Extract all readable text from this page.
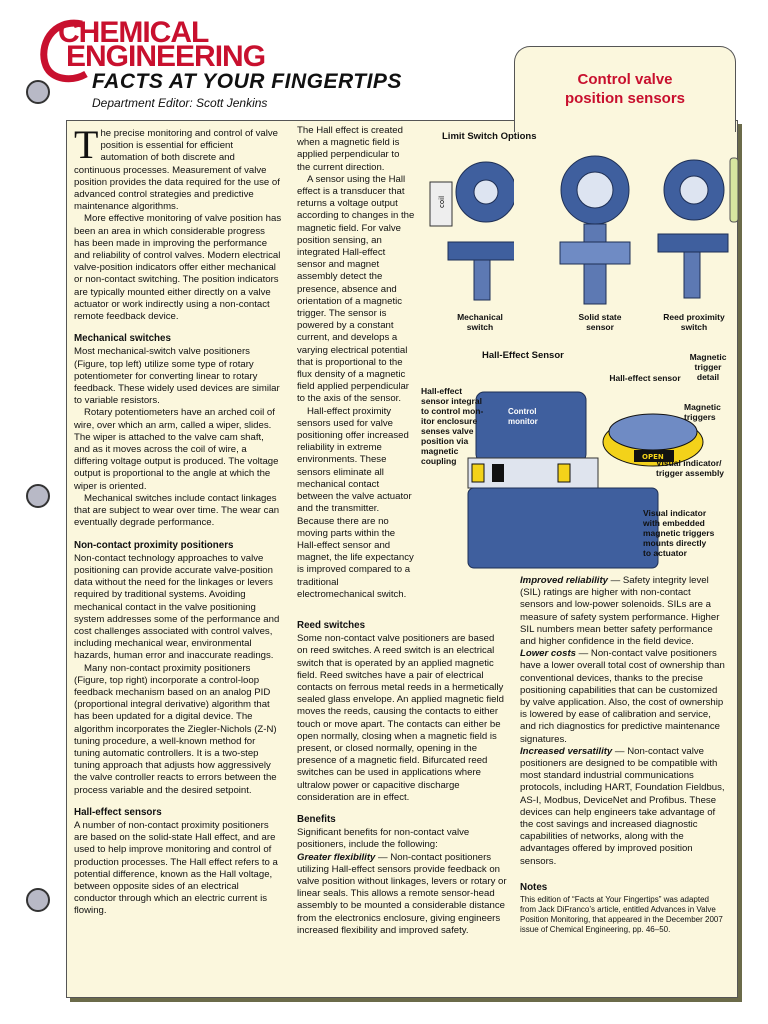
CHEMICAL
ENGINEERING
FACTS AT YOUR FINGERTIPS
Department Editor: Scott Jenkins
Control valve
position sensors

The precise monitoring and control of valve position is essential for efficient automation of both discrete and continuous processes. Measurement of valve position provides the data required for the use of advanced control strategies and predictive maintenance algorithms.

More effective monitoring of valve position has been an area in which considerable progress has been made in improving the performance and reliability of control valves. Modern electrical valve-position indicators offer either mechanical or non-contact switching. The position indicators are typically mounted either directly on a valve actuator or work indirectly using a non-contact remote feedback device.

Mechanical switches

Most mechanical-switch valve positioners (Figure, top left) utilize some type of rotary potentiometer for converting linear to rotary feedback. These widely used devices are similar to variable resistors.

Rotary potentiometers have an arched coil of wire, over which an arm, called a wiper, slides. The wiper is attached to the valve cam shaft, and as it moves across the coil of wire, a differing voltage output is produced. The voltage output is proportional to the angle at which the wiper is oriented.

Mechanical switches include contact linkages that are subject to wear over time. The wear can eventually degrade performance.

Non-contact proximity positioners

Non-contact technology approaches to valve positioning can provide accurate valve-position data without the need for the linkages or levers required by traditional systems. Avoiding mechanical contact in the valve positioning system addresses some of the performance and cost challenges associated with control valves, including mechanical wear, environmental hazards, human error and inaccurate readings.

Many non-contact proximity positioners (Figure, top right) incorporate a control-loop feedback mechanism based on an analog PID (proportional integral derivative) algorithm that has been updated for a digital device. The algorithm incorporates the Ziegler-Nichols (Z-N) tuning procedure, a well-known method for tuning automatic controllers. It is a two-step tuning approach that adjusts how aggressively the valve controller reacts to errors between the process variable and the desired setpoint.

Hall-effect sensors

A number of non-contact proximity positioners are based on the solid-state Hall effect, and are used to help improve monitoring and control of production processes. The Hall effect refers to a potential difference, known as the Hall voltage, between opposite sides of an electrical conductor through which an electric current is flowing.

The Hall effect is created when a magnetic field is applied perpendicular to the current direction.

A sensor using the Hall effect is a transducer that returns a voltage output according to changes in the magnetic field. For valve position sensing, an integrated Hall-effect sensor and magnet assembly detect the presence, absence and orientation of a magnetic trigger. The sensor is powered by a constant current, and develops a varying electrical potential that is proportional to the flux density of a magnetic field applied perpendicular to the axis of the sensor.

Hall-effect proximity sensors used for valve positioning offer increased reliability in extreme environments. These sensors eliminate all mechanical contact between the valve actuator and the transmitter. Because there are no moving parts within the Hall-effect sensor and magnet, the life expectancy is improved compared to a traditional electromechanical switch.

Reed switches

Some non-contact valve positioners are based on reed switches. A reed switch is an electrical switch that is operated by an applied magnetic field. Reed switches have a pair of electrical contacts on ferrous metal reeds in a hermetically sealed glass envelope. An applied magnetic field moves the reeds, causing the contacts to either touch or move apart. The contacts can either be open normally, closing when a magnetic field is present, or closed normally, opening in the presence of a magnetic field. Bifurcated reed switches can be used in applications where ultralow power or capacitive discharge consideration are in effect.

Benefits

Significant benefits for non-contact valve positioners, include the following:

Greater flexibility — Non-contact positioners utilizing Hall-effect sensors provide feedback on valve position without linkages, levers or rotary or linear seals. This allows a remote sensor-head assembly to be mounted a considerable distance from the electronics enclosure, giving engineers increased flexibility and improved safety.

Improved reliability — Safety integrity level (SIL) ratings are higher with non-contact sensors and low-power solenoids. SILs are a measure of safety system performance. Higher SIL numbers mean better safety performance and higher confidence in the field device.

Lower costs — Non-contact valve positioners have a lower overall total cost of ownership than conventional devices, thanks to the precise positioning capabilities that can be customized by valve application. Also, the cost of ownership is lowered by ease of calibration and service, and rich diagnostics for predictive maintenance signatures.

Increased versatility — Non-contact valve positioners are designed to be compatible with most standard industrial communications protocols, including HART, Foundation Fieldbus, AS-I, Modbus, DeviceNet and Profibus. These devices can help engineers take advantage of the cost savings and increased diagnostic capabilities of networks, along with the advantages offered by improved position sensors.

Notes

This edition of “Facts at Your Fingertips” was adapted from Jack DiFranco’s article, entitled Advances in Valve Position Monitoring, that appeared in the December 2007 issue of Chemical Engineering, pp. 46–50.

Limit Switch Options
coil
Mechanical
switch
Solid state
sensor
Reed proximity
switch
Hall-Effect Sensor
Control
monitor
OPEN
Hall-effect
sensor integral
to control mon-
itor enclosure
senses valve
position via
magnetic
coupling
Hall-effect sensor
Magnetic
trigger
detail
Magnetic
triggers
Visual indicator/
trigger assembly
Visual indicator
with embedded
magnetic triggers
mounts directly
to actuator
